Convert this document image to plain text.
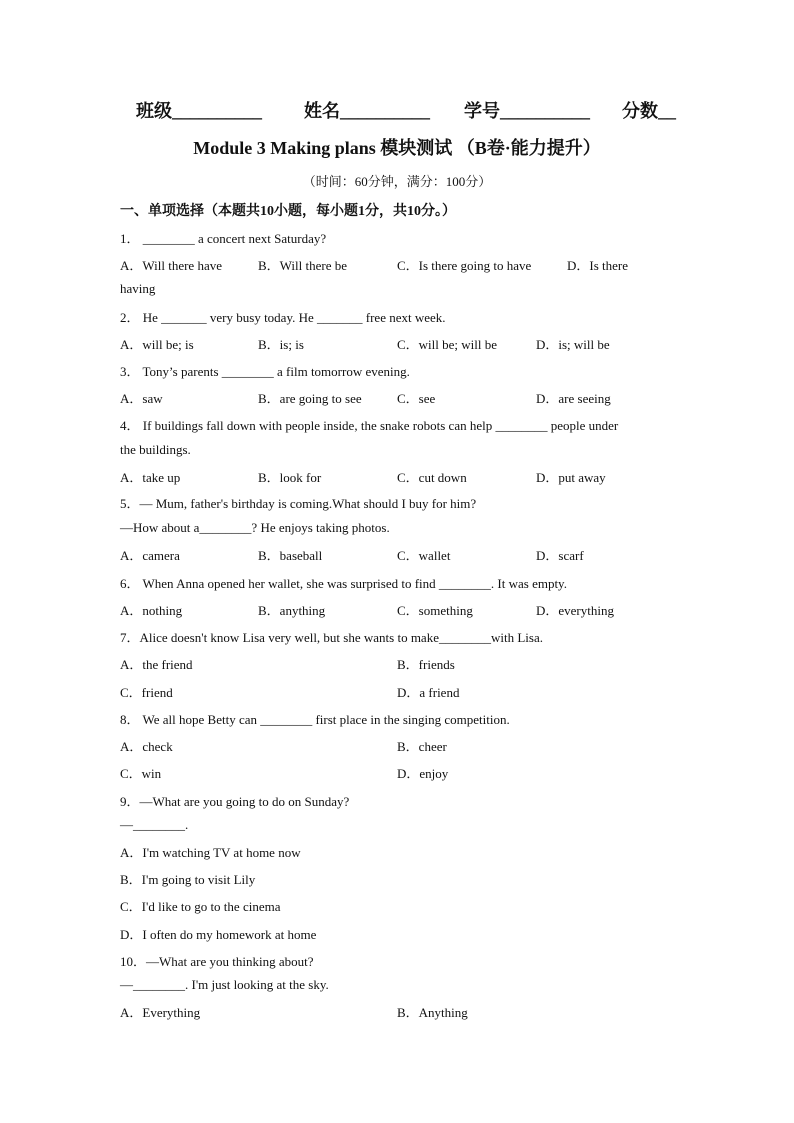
班级__________ 姓名__________ 学号__________ 分数__
Module 3 Making plans 模块测试 （B卷·能力提升）
（时间：60分钟，满分：100分）
一、单项选择（本题共10小题，每小题1分，共10分。）
1． ________ a concert next Saturday?
A．Will there have	B．Will there be	C．Is there going to have	D．Is there
having
2． He _______ very busy today. He _______ free next week.
A．will be; is	B．is; is	C．will be; will be	D．is; will be
3． Tony’s parents ________ a film tomorrow evening.
A．saw	B．are going to see	C．see	D．are seeing
4． If buildings fall down with people inside, the snake robots can help ________ people under
the buildings.
A．take up	B．look for	C．cut down	D．put away
5．— Mum, father's birthday is coming.What should I buy for him?
—How about a________? He enjoys taking photos.
A．camera	B．baseball	C．wallet	D．scarf
6． When Anna opened her wallet, she was surprised to find ________. It was empty.
A．nothing	B．anything	C．something	D．everything
7．Alice doesn't know Lisa very well, but she wants to make________with Lisa.
A．the friend	B．friends
C．friend	D．a friend
8． We all hope Betty can ________ first place in the singing competition.
A．check	B．cheer
C．win	D．enjoy
9．—What are you going to do on Sunday?
—________.
A．I'm watching TV at home now
B．I'm going to visit Lily
C．I'd like to go to the cinema
D．I often do my homework at home
10．—What are you thinking about?
—________. I'm just looking at the sky.
A．Everything	B．Anything
